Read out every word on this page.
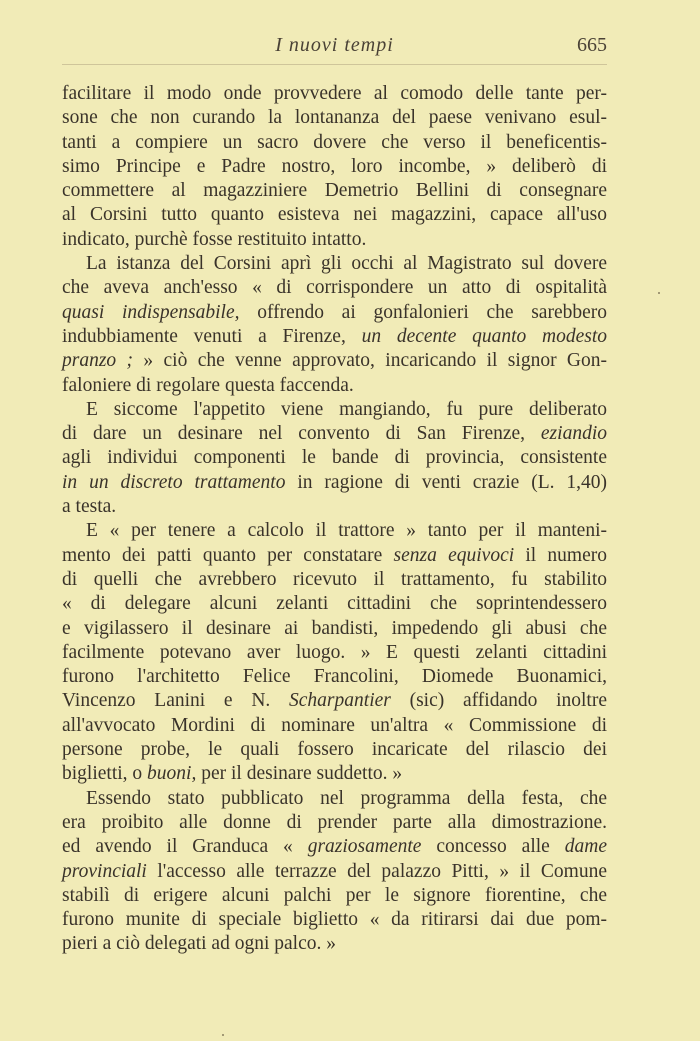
I nuovi tempi	665
facilitare il modo onde provvedere al comodo delle tante per-
sone che non curando la lontananza del paese venivano esul-
tanti a compiere un sacro dovere che verso il beneficentis-
simo Principe e Padre nostro, loro incombe, » deliberò di
commettere al magazziniere Demetrio Bellini di consegnare
al Corsini tutto quanto esisteva nei magazzini, capace all'uso
indicato, purchè fosse restituito intatto.
La istanza del Corsini aprì gli occhi al Magistrato sul dovere
che aveva anch'esso « di corrispondere un atto di ospitalità
quasi indispensabile, offrendo ai gonfalonieri che sarebbero
indubbiamente venuti a Firenze, un decente quanto modesto
pranzo ; » ciò che venne approvato, incaricando il signor Gon-
faloniere di regolare questa faccenda.
E siccome l'appetito viene mangiando, fu pure deliberato
di dare un desinare nel convento di San Firenze, eziandio
agli individui componenti le bande di provincia, consistente
in un discreto trattamento in ragione di venti crazie (L. 1,40)
a testa.
E « per tenere a calcolo il trattore » tanto per il manteni-
mento dei patti quanto per constatare senza equivoci il numero
di quelli che avrebbero ricevuto il trattamento, fu stabilito
« di delegare alcuni zelanti cittadini che soprintendessero
e vigilassero il desinare ai bandisti, impedendo gli abusi che
facilmente potevano aver luogo. » E questi zelanti cittadini
furono l'architetto Felice Francolini, Diomede Buonamici,
Vincenzo Lanini e N. Scharpantier (sic) affidando inoltre
all'avvocato Mordini di nominare un'altra « Commissione di
persone probe, le quali fossero incaricate del rilascio dei
biglietti, o buoni, per il desinare suddetto. »
Essendo stato pubblicato nel programma della festa, che
era proibito alle donne di prender parte alla dimostrazione.
ed avendo il Granduca « graziosamente concesso alle dame
provinciali l'accesso alle terrazze del palazzo Pitti, » il Comune
stabilì di erigere alcuni palchi per le signore fiorentine, che
furono munite di speciale biglietto « da ritirarsi dai due pom-
pieri a ciò delegati ad ogni palco. »
